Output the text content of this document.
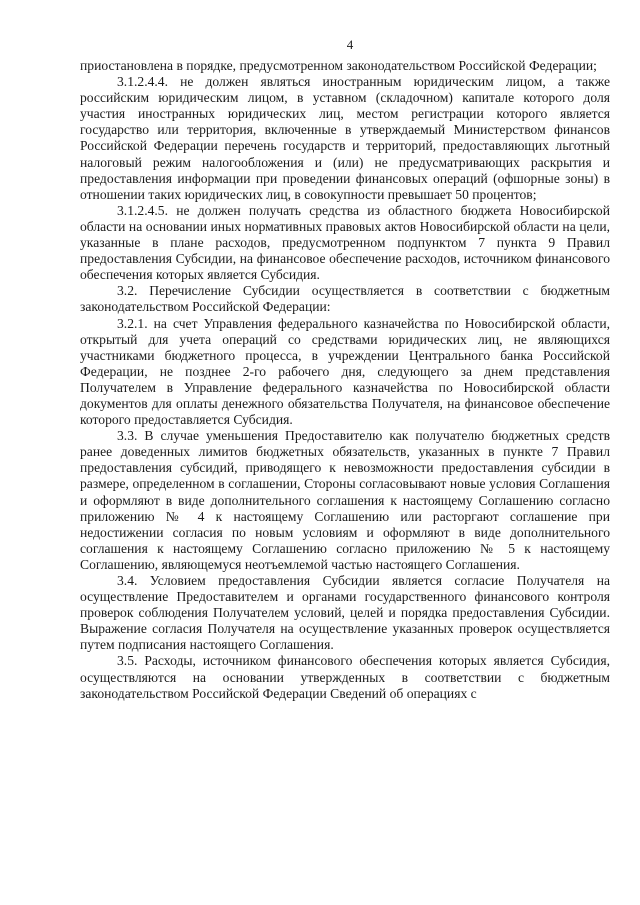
4

приостановлена в порядке, предусмотренном законодательством Российской Федерации;

3.1.2.4.4. не должен являться иностранным юридическим лицом, а также российским юридическим лицом, в уставном (складочном) капитале которого доля участия иностранных юридических лиц, местом регистрации которого является государство или территория, включенные в утверждаемый Министерством финансов Российской Федерации перечень государств и территорий, предоставляющих льготный налоговый режим налогообложения и (или) не предусматривающих раскрытия и предоставления информации при проведении финансовых операций (офшорные зоны) в отношении таких юридических лиц, в совокупности превышает 50 процентов;

3.1.2.4.5. не должен получать средства из областного бюджета Новосибирской области на основании иных нормативных правовых актов Новосибирской области на цели, указанные в плане расходов, предусмотренном подпунктом 7 пункта 9 Правил предоставления Субсидии, на финансовое обеспечение расходов, источником финансового обеспечения которых является Субсидия.

3.2. Перечисление Субсидии осуществляется в соответствии с бюджетным законодательством Российской Федерации:

3.2.1. на счет Управления федерального казначейства по Новосибирской области, открытый для учета операций со средствами юридических лиц, не являющихся участниками бюджетного процесса, в учреждении Центрального банка Российской Федерации, не позднее 2-го рабочего дня, следующего за днем представления Получателем в Управление федерального казначейства по Новосибирской области документов для оплаты денежного обязательства Получателя, на финансовое обеспечение которого предоставляется Субсидия.

3.3. В случае уменьшения Предоставителю как получателю бюджетных средств ранее доведенных лимитов бюджетных обязательств, указанных в пункте 7 Правил предоставления субсидий, приводящего к невозможности предоставления субсидии в размере, определенном в соглашении, Стороны согласовывают новые условия Соглашения и оформляют в виде дополнительного соглашения к настоящему Соглашению согласно приложению № 4 к настоящему Соглашению или расторгают соглашение при недостижении согласия по новым условиям и оформляют в виде дополнительного соглашения к настоящему Соглашению согласно приложению № 5 к настоящему Соглашению, являющемуся неотъемлемой частью настоящего Соглашения.

3.4. Условием предоставления Субсидии является согласие Получателя на осуществление Предоставителем и органами государственного финансового контроля проверок соблюдения Получателем условий, целей и порядка предоставления Субсидии. Выражение согласия Получателя на осуществление указанных проверок осуществляется путем подписания настоящего Соглашения.

3.5. Расходы, источником финансового обеспечения которых является Субсидия, осуществляются на основании утвержденных в соответствии с бюджетным законодательством Российской Федерации Сведений об операциях с
